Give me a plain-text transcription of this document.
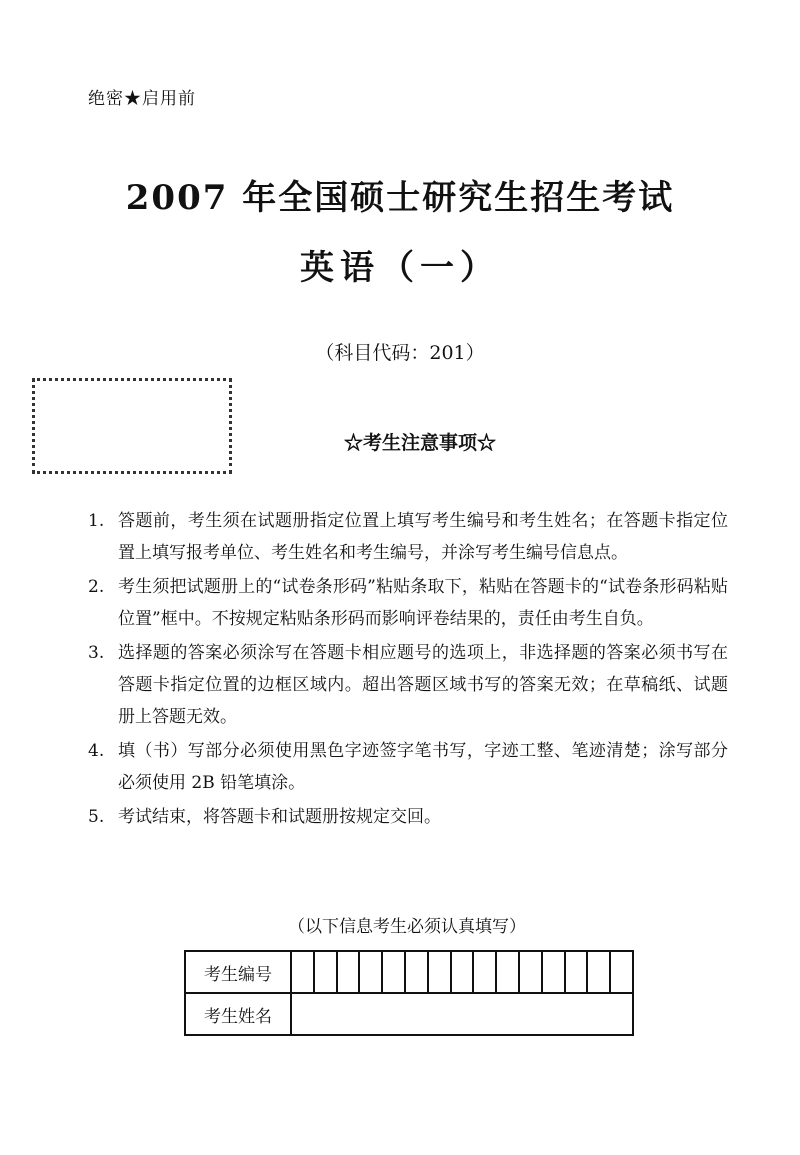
绝密★启用前
2007 年全国硕士研究生招生考试
英语（一）
（科目代码：201）
☆考生注意事项☆
1. 答题前，考生须在试题册指定位置上填写考生编号和考生姓名；在答题卡指定位置上填写报考单位、考生姓名和考生编号，并涂写考生编号信息点。
2. 考生须把试题册上的“试卷条形码”粘贴条取下，粘贴在答题卡的“试卷条形码粘贴位置”框中。不按规定粘贴条形码而影响评卷结果的，责任由考生自负。
3. 选择题的答案必须涂写在答题卡相应题号的选项上，非选择题的答案必须书写在答题卡指定位置的边框区域内。超出答题区域书写的答案无效；在草稿纸、试题册上答题无效。
4. 填（书）写部分必须使用黑色字迹签字笔书写，字迹工整、笔迹清楚；涂写部分必须使用 2B 铅笔填涂。
5. 考试结束，将答题卡和试题册按规定交回。
（以下信息考生必须认真填写）
考生编号															
考生姓名															
